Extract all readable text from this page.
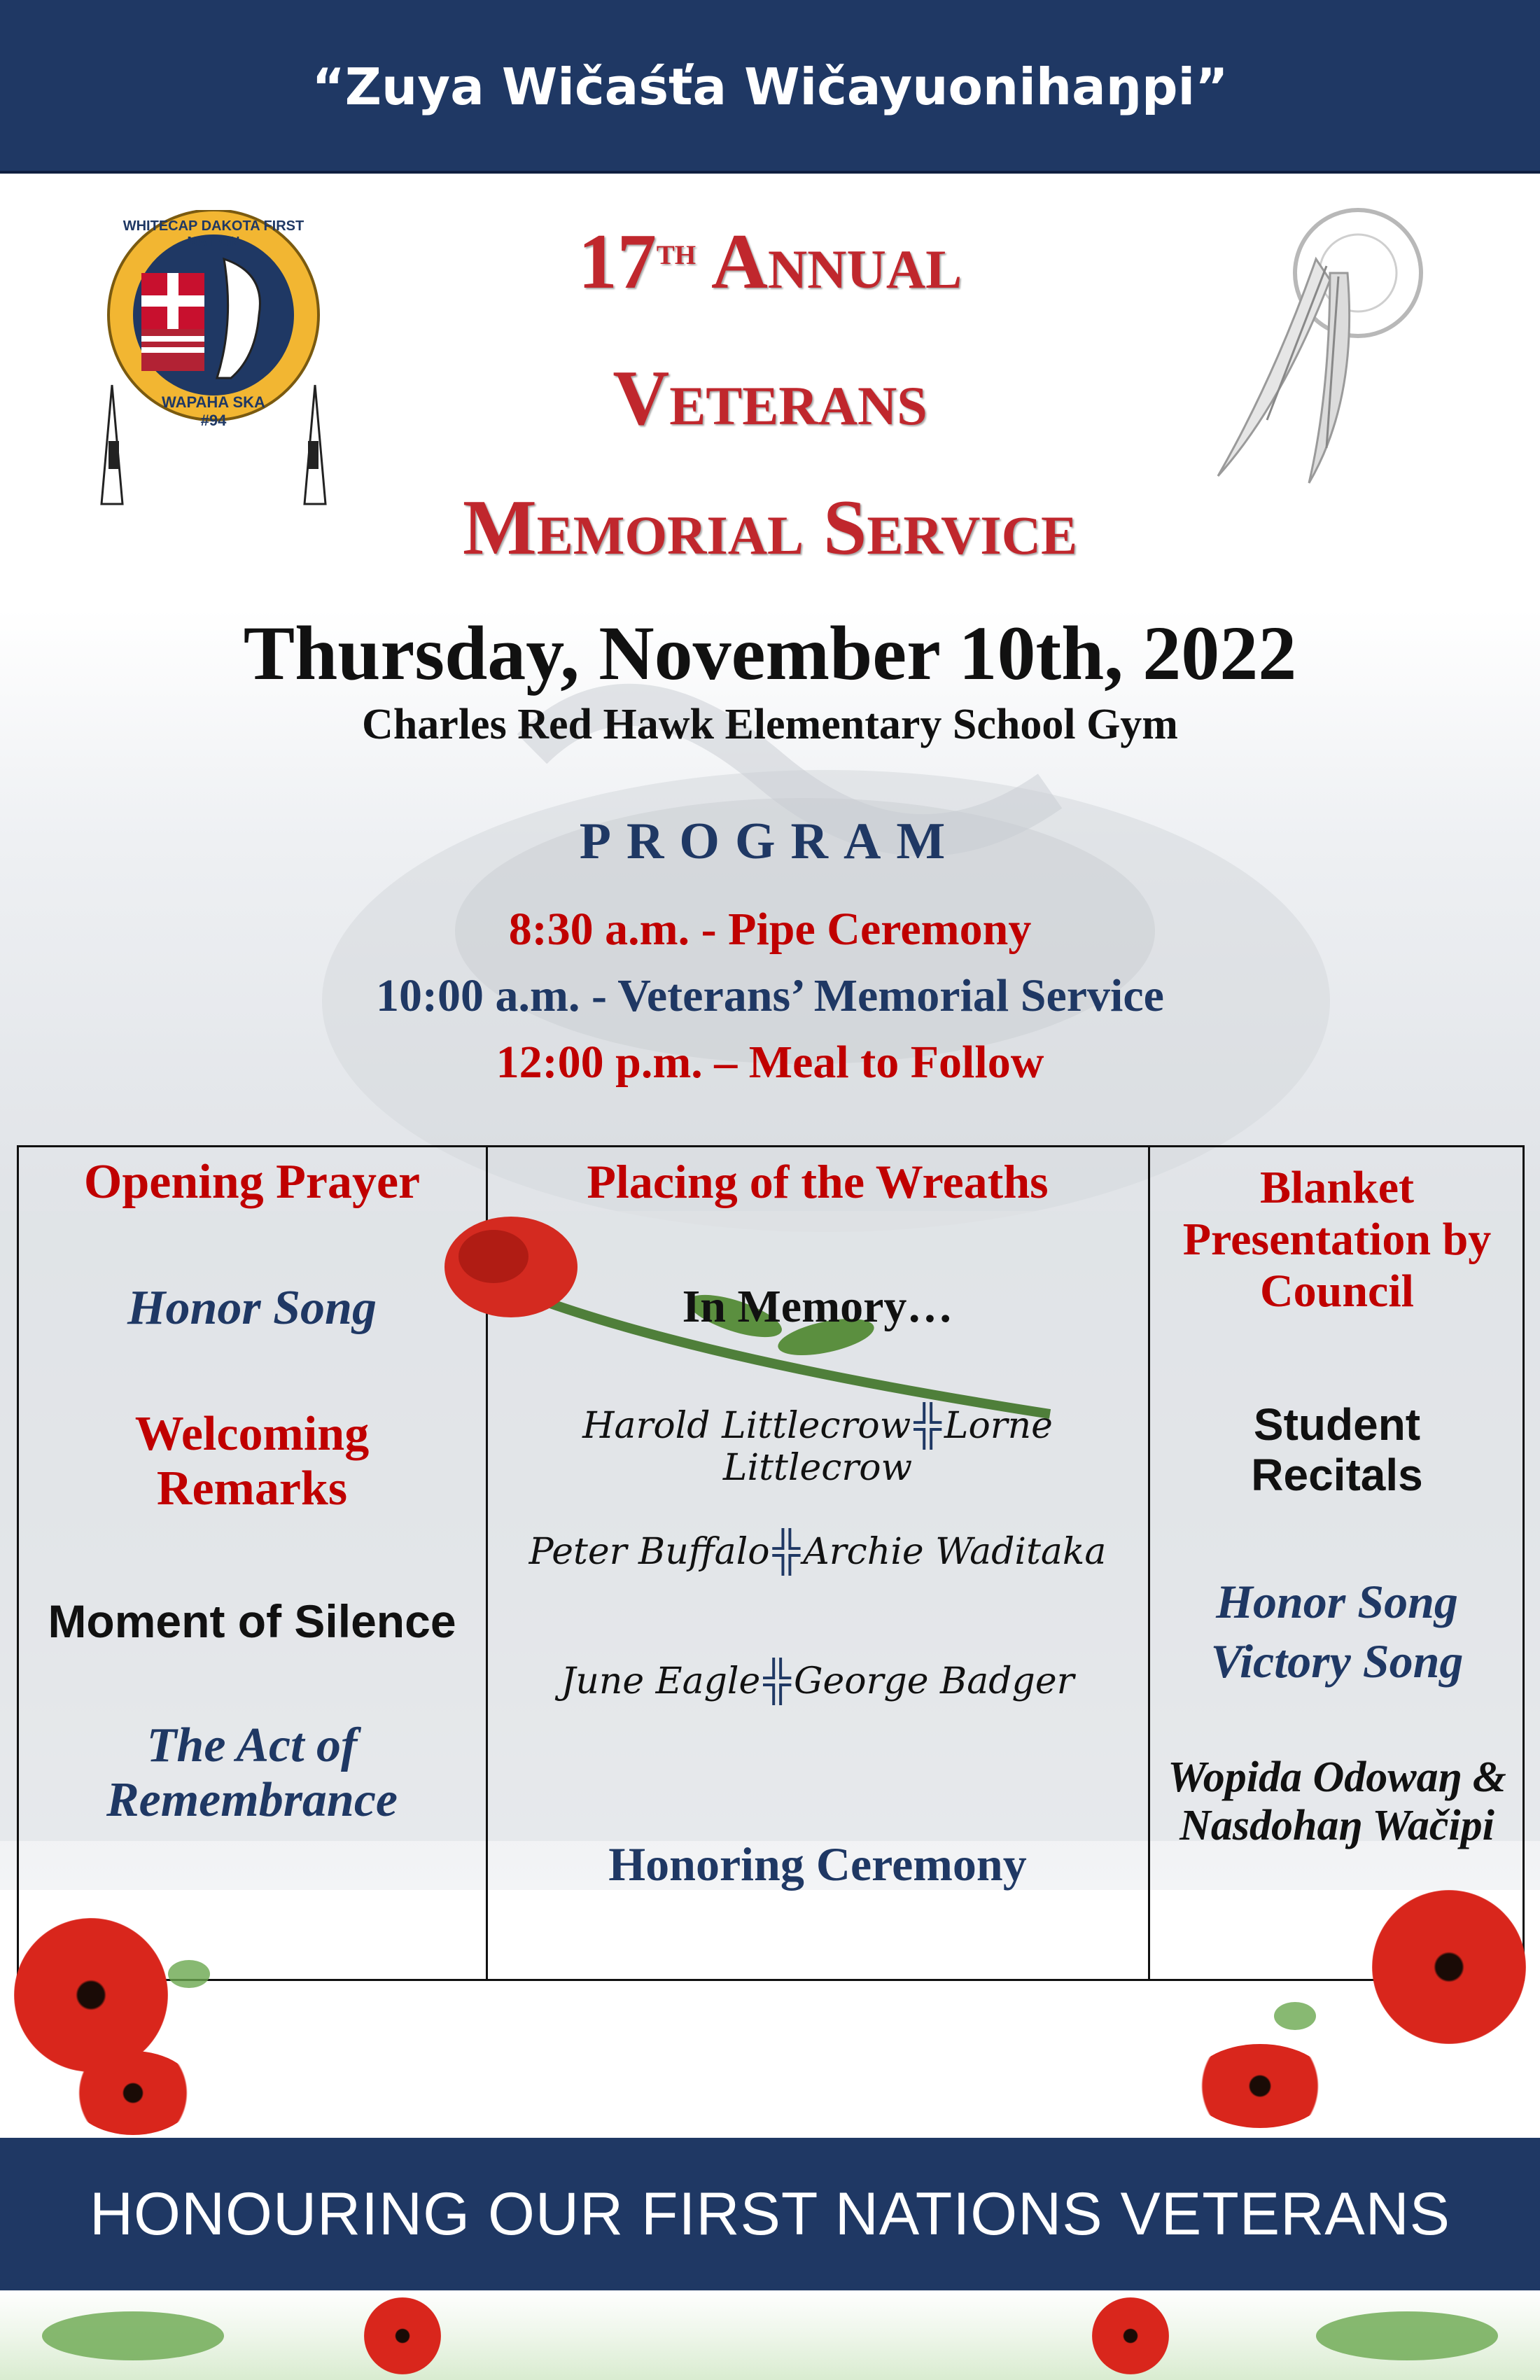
“Zuya Wičaśťa Wičayuonihaŋpi”
WHITECAP DAKOTA FIRST NATION
WAPAHA SKA
#94
17th Annual
Veterans
Memorial Service
Thursday, November 10th, 2022
Charles Red Hawk Elementary School Gym
PROGRAM
8:30 a.m. - Pipe Ceremony
10:00 a.m. - Veterans’ Memorial Service
12:00 p.m. – Meal to Follow
Opening Prayer
Honor Song
Welcoming Remarks
Moment of Silence
The Act of Remembrance
Placing of the Wreaths
In Memory…
Harold Littlecrow ╬ Lorne Littlecrow
Peter Buffalo ╬ Archie Waditaka
June Eagle ╬ George Badger
Honoring Ceremony
Blanket Presentation by Council
Student Recitals
Honor Song
Victory Song
Wopida Odowaŋ & Nasdohaŋ Wačipi
HONOURING OUR FIRST NATIONS VETERANS
